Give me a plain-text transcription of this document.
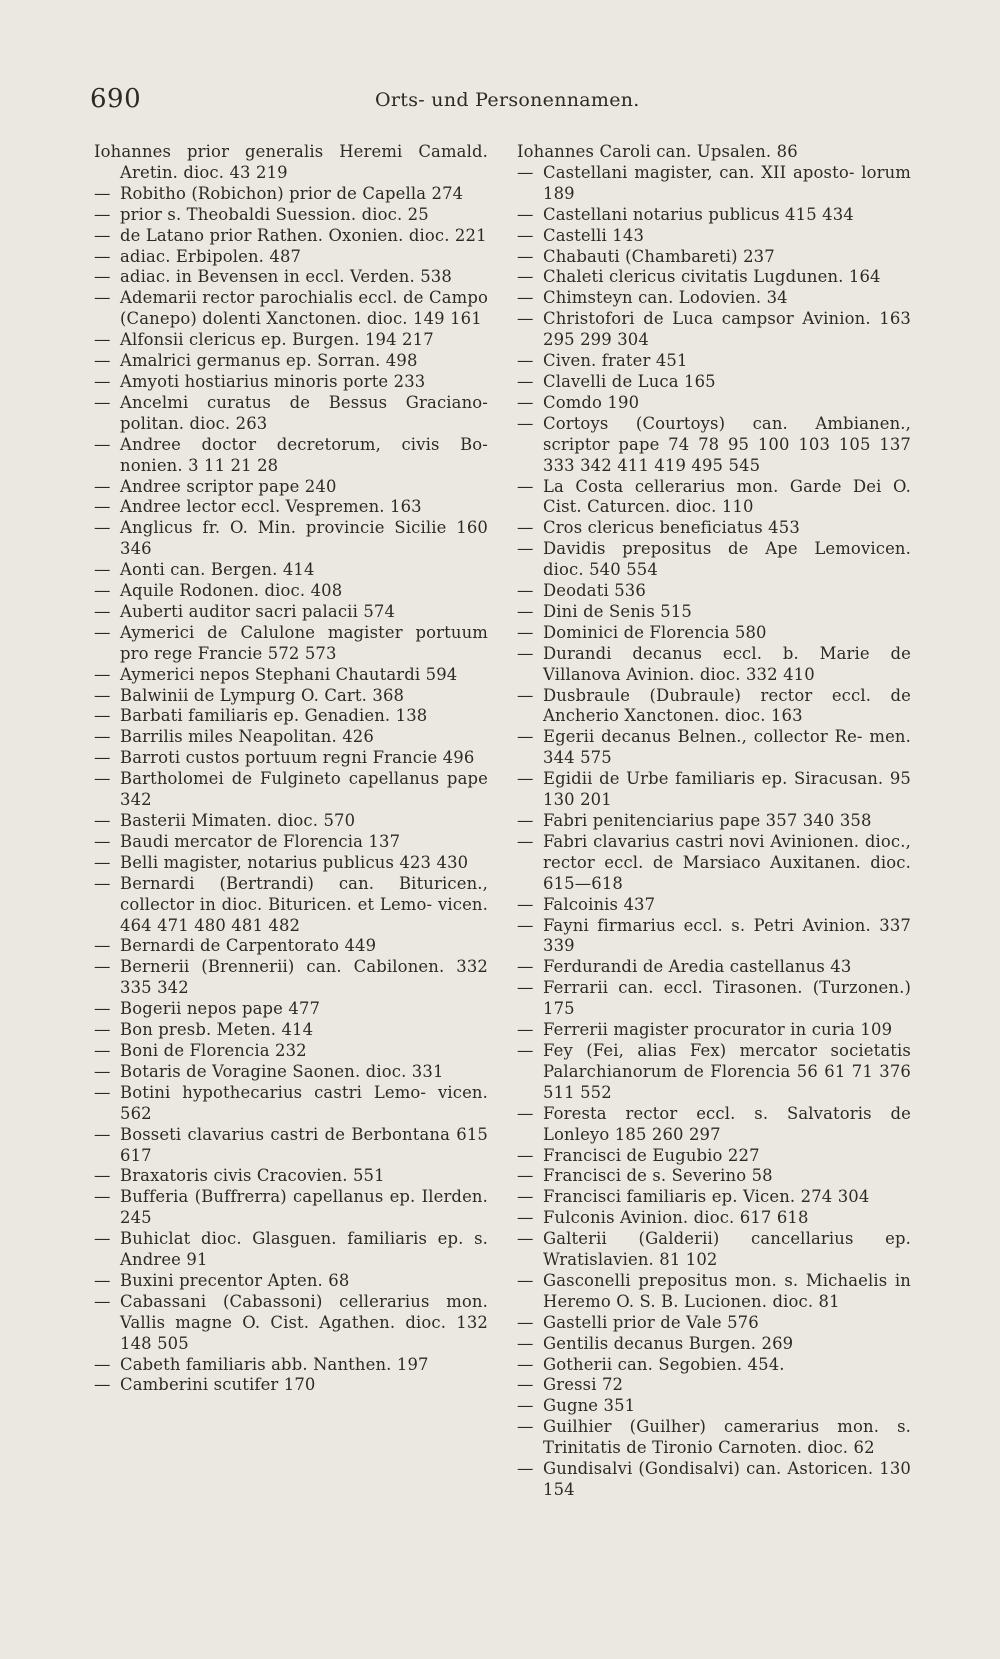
690	Orts- und Personennamen.
Iohannes prior generalis Heremi Camald. Aretin. dioc. 43 219
— Robitho (Robichon) prior de Capella 274
— prior s. Theobaldi Suession. dioc. 25
— de Latano prior Rathen. Oxonien. dioc. 221
— adiac. Erbipolen. 487
— adiac. in Bevensen in eccl. Verden. 538
— Ademarii rector parochialis eccl. de Campo (Canepo) dolenti Xanctonen. dioc. 149 161
— Alfonsii clericus ep. Burgen. 194 217
— Amalrici germanus ep. Sorran. 498
— Amyoti hostiarius minoris porte 233
— Ancelmi curatus de Bessus Graciano- politan. dioc. 263
— Andree doctor decretorum, civis Bo- nonien. 3 11 21 28
— Andree scriptor pape 240
— Andree lector eccl. Vespremen. 163
— Anglicus fr. O. Min. provincie Sicilie 160 346
— Aonti can. Bergen. 414
— Aquile Rodonen. dioc. 408
— Auberti auditor sacri palacii 574
— Aymerici de Calulone magister portuum pro rege Francie 572 573
— Aymerici nepos Stephani Chautardi 594
— Balwinii de Lympurg O. Cart. 368
— Barbati familiaris ep. Genadien. 138
— Barrilis miles Neapolitan. 426
— Barroti custos portuum regni Francie 496
— Bartholomei de Fulgineto capellanus pape 342
— Basterii Mimaten. dioc. 570
— Baudi mercator de Florencia 137
— Belli magister, notarius publicus 423 430
— Bernardi (Bertrandi) can. Bituricen., collector in dioc. Bituricen. et Lemo- vicen. 464 471 480 481 482
— Bernardi de Carpentorato 449
— Bernerii (Brennerii) can. Cabilonen. 332 335 342
— Bogerii nepos pape 477
— Bon presb. Meten. 414
— Boni de Florencia 232
— Botaris de Voragine Saonen. dioc. 331
— Botini hypothecarius castri Lemo- vicen. 562
— Bosseti clavarius castri de Berbontana 615 617
— Braxatoris civis Cracovien. 551
— Bufferia (Buffrerra) capellanus ep. Ilerden. 245
— Buhiclat dioc. Glasguen. familiaris ep. s. Andree 91
— Buxini precentor Apten. 68
— Cabassani (Cabassoni) cellerarius mon. Vallis magne O. Cist. Agathen. dioc. 132 148 505
— Cabeth familiaris abb. Nanthen. 197
— Camberini scutifer 170
Iohannes Caroli can. Upsalen. 86
— Castellani magister, can. XII aposto- lorum 189
— Castellani notarius publicus 415 434
— Castelli 143
— Chabauti (Chambareti) 237
— Chaleti clericus civitatis Lugdunen. 164
— Chimsteyn can. Lodovien. 34
— Christofori de Luca campsor Avinion. 163 295 299 304
— Civen. frater 451
— Clavelli de Luca 165
— Comdo 190
— Cortoys (Courtoys) can. Ambianen., scriptor pape 74 78 95 100 103 105 137 333 342 411 419 495 545
— La Costa cellerarius mon. Garde Dei O. Cist. Caturcen. dioc. 110
— Cros clericus beneficiatus 453
— Davidis prepositus de Ape Lemovicen. dioc. 540 554
— Deodati 536
— Dini de Senis 515
— Dominici de Florencia 580
— Durandi decanus eccl. b. Marie de Villanova Avinion. dioc. 332 410
— Dusbraule (Dubraule) rector eccl. de Ancherio Xanctonen. dioc. 163
— Egerii decanus Belnen., collector Re- men. 344 575
— Egidii de Urbe familiaris ep. Siracusan. 95 130 201
— Fabri penitenciarius pape 357 340 358
— Fabri clavarius castri novi Avinionen. dioc., rector eccl. de Marsiaco Auxitanen. dioc. 615—618
— Falcoinis 437
— Fayni firmarius eccl. s. Petri Avinion. 337 339
— Ferdurandi de Aredia castellanus 43
— Ferrarii can. eccl. Tirasonen. (Turzonen.) 175
— Ferrerii magister procurator in curia 109
— Fey (Fei, alias Fex) mercator societatis Palarchianorum de Florencia 56 61 71 376 511 552
— Foresta rector eccl. s. Salvatoris de Lonleyo 185 260 297
— Francisci de Eugubio 227
— Francisci de s. Severino 58
— Francisci familiaris ep. Vicen. 274 304
— Fulconis Avinion. dioc. 617 618
— Galterii (Galderii) cancellarius ep. Wratislavien. 81 102
— Gasconelli prepositus mon. s. Michaelis in Heremo O. S. B. Lucionen. dioc. 81
— Gastelli prior de Vale 576
— Gentilis decanus Burgen. 269
— Gotherii can. Segobien. 454.
— Gressi 72
— Gugne 351
— Guilhier (Guilher) camerarius mon. s. Trinitatis de Tironio Carnoten. dioc. 62
— Gundisalvi (Gondisalvi) can. Astoricen. 130 154
